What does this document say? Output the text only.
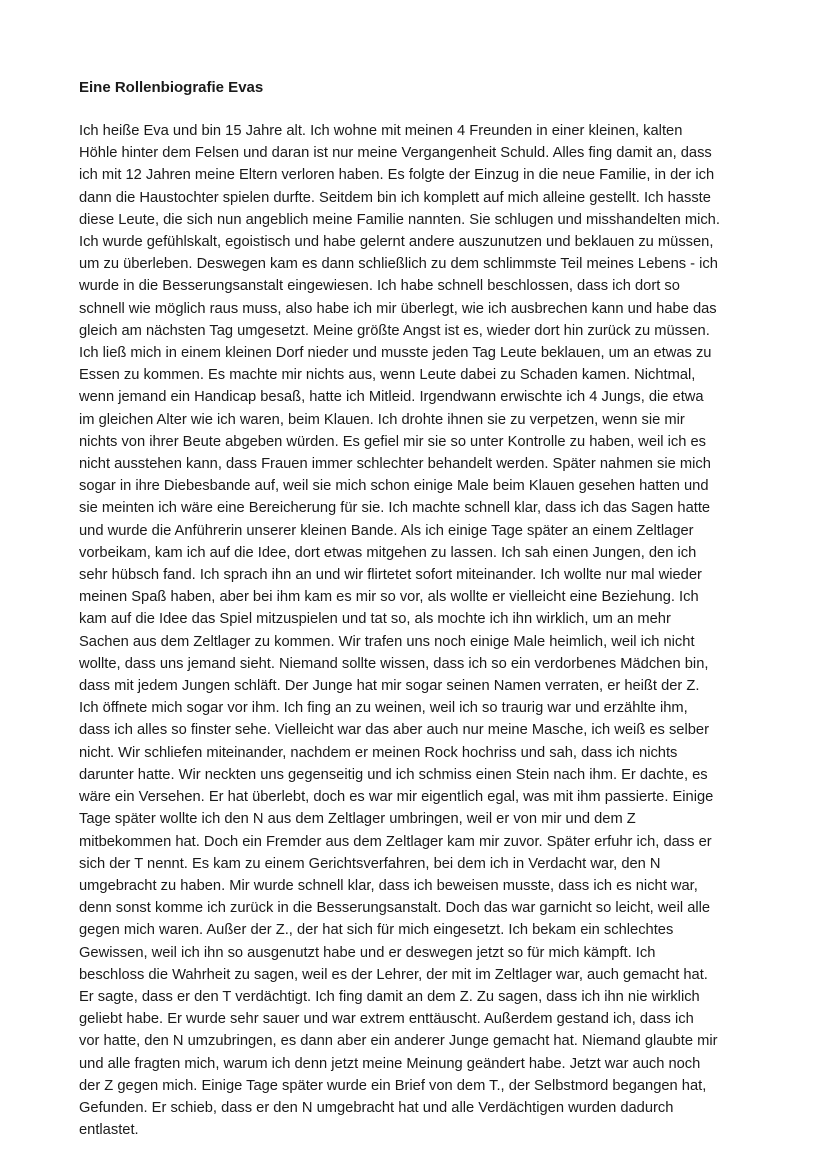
Eine Rollenbiografie Evas

Ich heiße Eva und bin 15 Jahre alt. Ich wohne mit meinen 4 Freunden in einer kleinen, kalten
Höhle hinter dem Felsen und daran ist nur meine Vergangenheit Schuld. Alles fing damit an, dass
ich mit 12 Jahren meine Eltern verloren haben. Es folgte der Einzug in die neue Familie, in der ich
dann die Haustochter spielen durfte. Seitdem bin ich komplett auf mich alleine gestellt. Ich hasste
diese Leute, die sich nun angeblich meine Familie nannten. Sie schlugen und misshandelten mich.
Ich wurde gefühlskalt, egoistisch und habe gelernt andere auszunutzen und beklauen zu müssen,
um zu überleben. Deswegen kam es dann schließlich zu dem schlimmste Teil meines Lebens - ich
wurde in die Besserungsanstalt eingewiesen. Ich habe schnell beschlossen, dass ich dort so
schnell wie möglich raus muss, also habe ich mir überlegt, wie ich ausbrechen kann und habe das
gleich am nächsten Tag umgesetzt. Meine größte Angst ist es, wieder dort hin zurück zu müssen.
Ich ließ mich in einem kleinen Dorf nieder und musste jeden Tag Leute beklauen, um an etwas zu
Essen zu kommen. Es machte mir nichts aus, wenn Leute dabei zu Schaden kamen. Nichtmal,
wenn jemand ein Handicap besaß, hatte ich Mitleid. Irgendwann erwischte ich 4 Jungs, die etwa
im gleichen Alter wie ich waren, beim Klauen. Ich drohte ihnen sie zu verpetzen, wenn sie mir
nichts von ihrer Beute abgeben würden. Es gefiel mir sie so unter Kontrolle zu haben, weil ich es
nicht ausstehen kann, dass Frauen immer schlechter behandelt werden. Später nahmen sie mich
sogar in ihre Diebesbande auf, weil sie mich schon einige Male beim Klauen gesehen hatten und
sie meinten ich wäre eine Bereicherung für sie. Ich machte schnell klar, dass ich das Sagen hatte
und wurde die Anführerin unserer kleinen Bande. Als ich einige Tage später an einem Zeltlager
vorbeikam, kam ich auf die Idee, dort etwas mitgehen zu lassen. Ich sah einen Jungen, den ich
sehr hübsch fand. Ich sprach ihn an und wir flirtetet sofort miteinander. Ich wollte nur mal wieder
meinen Spaß haben, aber bei ihm kam es mir so vor, als wollte er vielleicht eine Beziehung. Ich
kam auf die Idee das Spiel mitzuspielen und tat so, als mochte ich ihn wirklich, um an mehr
Sachen aus dem Zeltlager zu kommen. Wir trafen uns noch einige Male heimlich, weil ich nicht
wollte, dass uns jemand sieht. Niemand sollte wissen, dass ich so ein verdorbenes Mädchen bin,
dass mit jedem Jungen schläft. Der Junge hat mir sogar seinen Namen verraten, er heißt der Z.
Ich öffnete mich sogar vor ihm. Ich fing an zu weinen, weil ich so traurig war und erzählte ihm,
dass ich alles so finster sehe. Vielleicht war das aber auch nur meine Masche, ich weiß es selber
nicht. Wir schliefen miteinander, nachdem er meinen Rock hochriss und sah, dass ich nichts
darunter hatte. Wir neckten uns gegenseitig und ich schmiss einen Stein nach ihm. Er dachte, es
wäre ein Versehen. Er hat überlebt, doch es war mir eigentlich egal, was mit ihm passierte. Einige
Tage später wollte ich den N aus dem Zeltlager umbringen, weil er von mir und dem Z
mitbekommen hat. Doch ein Fremder aus dem Zeltlager kam mir zuvor. Später erfuhr ich, dass er
sich der T nennt. Es kam zu einem Gerichtsverfahren, bei dem ich in Verdacht war, den N
umgebracht zu haben. Mir wurde schnell klar, dass ich beweisen musste, dass ich es nicht war,
denn sonst komme ich zurück in die Besserungsanstalt. Doch das war garnicht so leicht, weil alle
gegen mich waren. Außer der Z., der hat sich für mich eingesetzt. Ich bekam ein schlechtes
Gewissen, weil ich ihn so ausgenutzt habe und er deswegen jetzt so für mich kämpft. Ich
beschloss die Wahrheit zu sagen, weil es der Lehrer, der mit im Zeltlager war, auch gemacht hat.
Er sagte, dass er den T verdächtigt. Ich fing damit an dem Z. Zu sagen, dass ich ihn nie wirklich
geliebt habe. Er wurde sehr sauer und war extrem enttäuscht. Außerdem gestand ich, dass ich
vor hatte, den N umzubringen, es dann aber ein anderer Junge gemacht hat. Niemand glaubte mir
und alle fragten mich, warum ich denn jetzt meine Meinung geändert habe. Jetzt war auch noch
der Z gegen mich. Einige Tage später wurde ein Brief von dem T., der Selbstmord begangen hat,
Gefunden. Er schieb, dass er den N umgebracht hat und alle Verdächtigen wurden dadurch
entlastet.
